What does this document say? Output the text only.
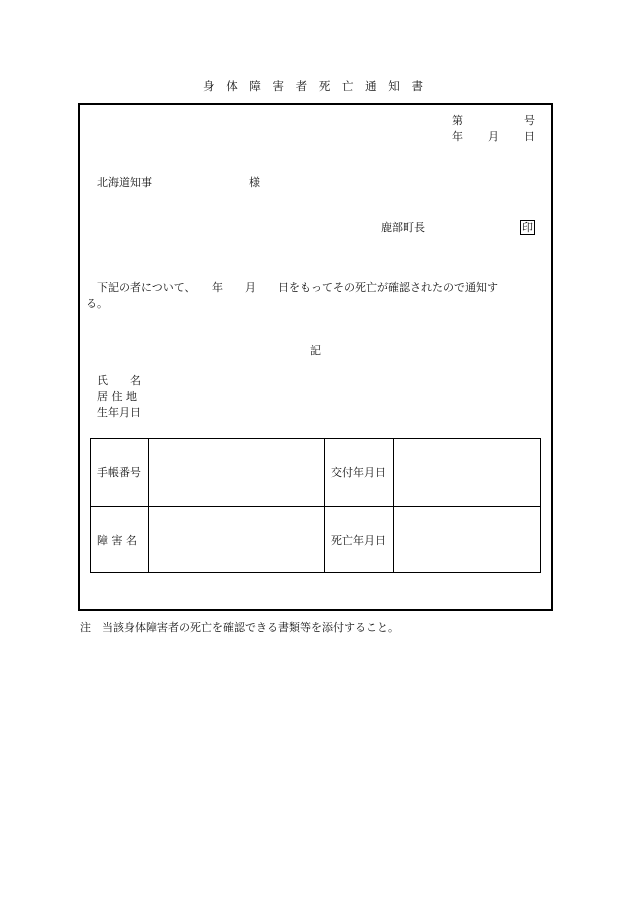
身 体 障 害 者 死 亡 通 知 書
第	号
年 月 日
北海道知事	様
鹿部町長	印
下記の者について、　　年　　月　　日をもってその死亡が確認されたので通知す
る。
記
氏　　名
居 住 地
生年月日
手帳番号	交付年月日
障 害 名	死亡年月日
注　当該身体障害者の死亡を確認できる書類等を添付すること。
